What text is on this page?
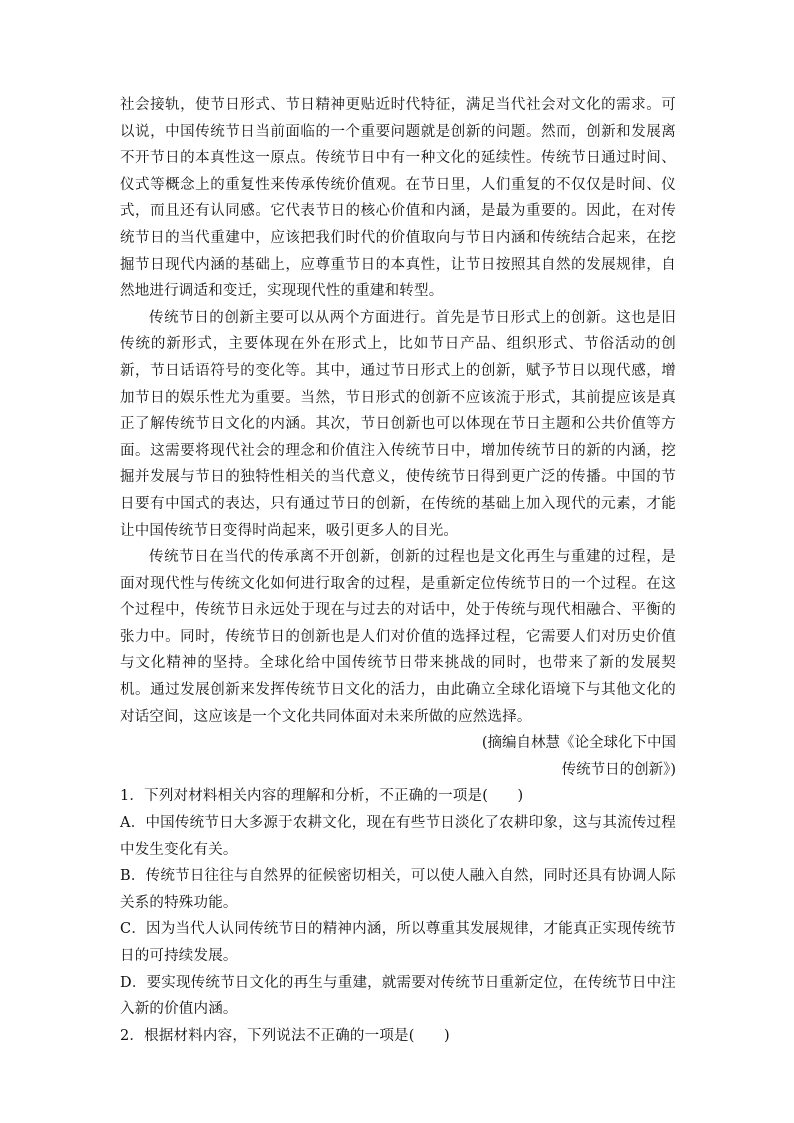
社会接轨，使节日形式、节日精神更贴近时代特征，满足当代社会对文化的需求。可以说，中国传统节日当前面临的一个重要问题就是创新的问题。然而，创新和发展离不开节日的本真性这一原点。传统节日中有一种文化的延续性。传统节日通过时间、仪式等概念上的重复性来传承传统价值观。在节日里，人们重复的不仅仅是时间、仪式，而且还有认同感。它代表节日的核心价值和内涵，是最为重要的。因此，在对传统节日的当代重建中，应该把我们时代的价值取向与节日内涵和传统结合起来，在挖掘节日现代内涵的基础上，应尊重节日的本真性，让节日按照其自然的发展规律，自然地进行调适和变迁，实现现代性的重建和转型。

传统节日的创新主要可以从两个方面进行。首先是节日形式上的创新。这也是旧传统的新形式，主要体现在外在形式上，比如节日产品、组织形式、节俗活动的创新，节日话语符号的变化等。其中，通过节日形式上的创新，赋予节日以现代感，增加节日的娱乐性尤为重要。当然，节日形式的创新不应该流于形式，其前提应该是真正了解传统节日文化的内涵。其次，节日创新也可以体现在节日主题和公共价值等方面。这需要将现代社会的理念和价值注入传统节日中，增加传统节日的新的内涵，挖掘并发展与节日的独特性相关的当代意义，使传统节日得到更广泛的传播。中国的节日要有中国式的表达，只有通过节日的创新，在传统的基础上加入现代的元素，才能让中国传统节日变得时尚起来，吸引更多人的目光。

传统节日在当代的传承离不开创新，创新的过程也是文化再生与重建的过程，是面对现代性与传统文化如何进行取舍的过程，是重新定位传统节日的一个过程。在这个过程中，传统节日永远处于现在与过去的对话中，处于传统与现代相融合、平衡的张力中。同时，传统节日的创新也是人们对价值的选择过程，它需要人们对历史价值与文化精神的坚持。全球化给中国传统节日带来挑战的同时，也带来了新的发展契机。通过发展创新来发挥传统节日文化的活力，由此确立全球化语境下与其他文化的对话空间，这应该是一个文化共同体面对未来所做的应然选择。

(摘编自林慧《论全球化下中国
传统节日的创新》)

1．下列对材料相关内容的理解和分析，不正确的一项是(　　)

A．中国传统节日大多源于农耕文化，现在有些节日淡化了农耕印象，这与其流传过程中发生变化有关。

B．传统节日往往与自然界的征候密切相关，可以使人融入自然，同时还具有协调人际关系的特殊功能。

C．因为当代人认同传统节日的精神内涵，所以尊重其发展规律，才能真正实现传统节日的可持续发展。

D．要实现传统节日文化的再生与重建，就需要对传统节日重新定位，在传统节日中注入新的价值内涵。

2．根据材料内容，下列说法不正确的一项是(　　)
